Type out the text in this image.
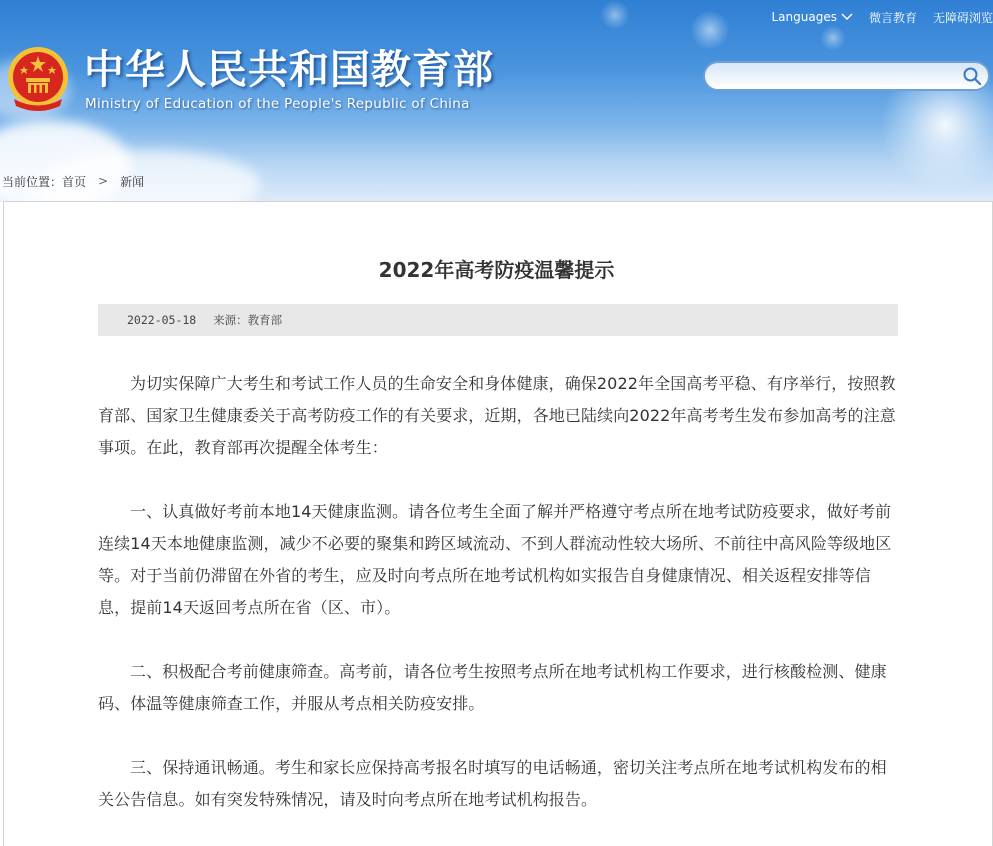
Languages	微言教育 无障碍浏览
中华人民共和国教育部
Ministry of Education of the People's Republic of China
当前位置： 首页 > 新闻
2022年高考防疫温馨提示
2022-05-18 来源：教育部

为切实保障广大考生和考试工作人员的生命安全和身体健康，确保2022年全国高考平稳、有序举行，按照教育部、国家卫生健康委关于高考防疫工作的有关要求，近期，各地已陆续向2022年高考考生发布参加高考的注意事项。在此，教育部再次提醒全体考生：

一、认真做好考前本地14天健康监测。请各位考生全面了解并严格遵守考点所在地考试防疫要求，做好考前连续14天本地健康监测，减少不必要的聚集和跨区域流动、不到人群流动性较大场所、不前往中高风险等级地区等。对于当前仍滞留在外省的考生，应及时向考点所在地考试机构如实报告自身健康情况、相关返程安排等信息，提前14天返回考点所在省（区、市）。

二、积极配合考前健康筛查。高考前，请各位考生按照考点所在地考试机构工作要求，进行核酸检测、健康码、体温等健康筛查工作，并服从考点相关防疫安排。

三、保持通讯畅通。考生和家长应保持高考报名时填写的电话畅通，密切关注考点所在地考试机构发布的相关公告信息。如有突发特殊情况，请及时向考点所在地考试机构报告。
